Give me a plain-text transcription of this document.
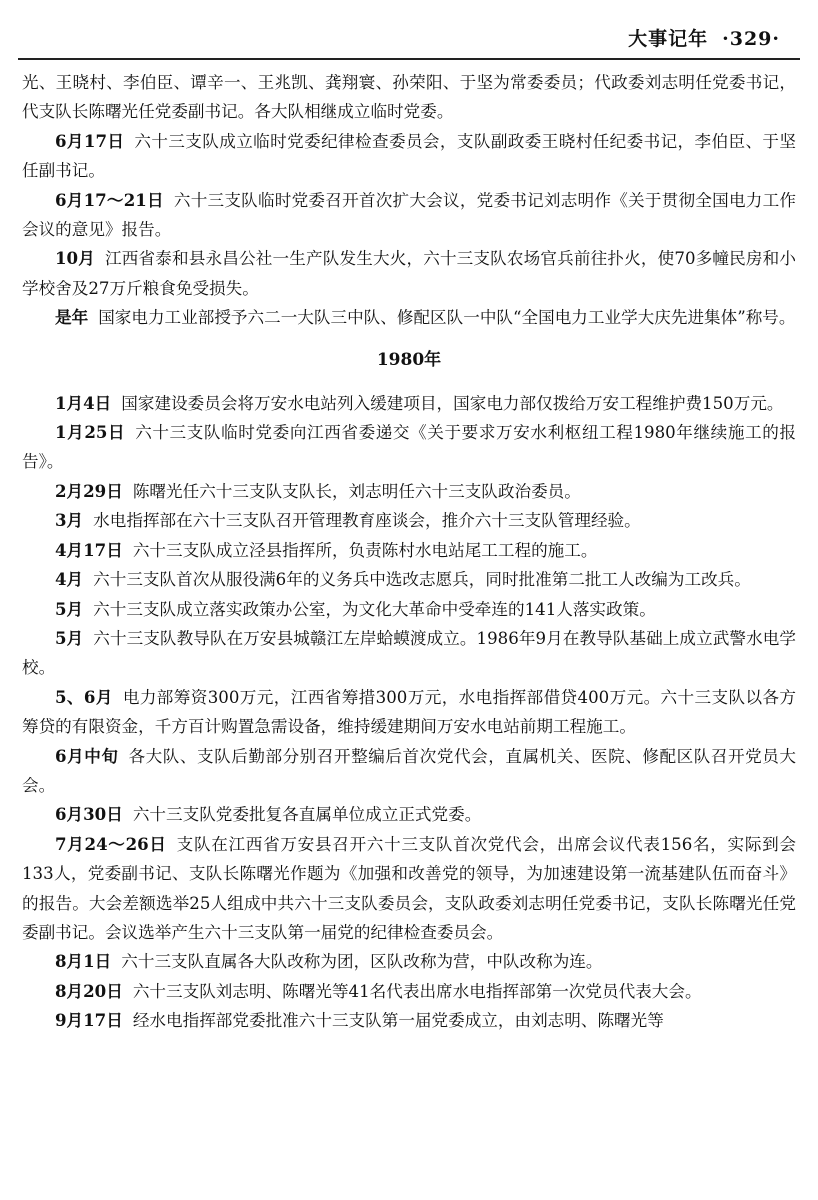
大事记年 ·329·

光、王晓村、李伯臣、谭辛一、王兆凯、龚翔寰、孙荣阳、于坚为常委委员；代政委刘志明任党委书记，代支队长陈曙光任党委副书记。各大队相继成立临时党委。

6月17日 六十三支队成立临时党委纪律检查委员会，支队副政委王晓村任纪委书记，李伯臣、于坚任副书记。

6月17～21日 六十三支队临时党委召开首次扩大会议，党委书记刘志明作《关于贯彻全国电力工作会议的意见》报告。

10月 江西省泰和县永昌公社一生产队发生大火，六十三支队农场官兵前往扑火，使70多幢民房和小学校舍及27万斤粮食免受损失。

是年 国家电力工业部授予六二一大队三中队、修配区队一中队“全国电力工业学大庆先进集体”称号。

1980年

1月4日 国家建设委员会将万安水电站列入缓建项目，国家电力部仅拨给万安工程维护费150万元。

1月25日 六十三支队临时党委向江西省委递交《关于要求万安水利枢纽工程1980年继续施工的报告》。

2月29日 陈曙光任六十三支队支队长，刘志明任六十三支队政治委员。

3月 水电指挥部在六十三支队召开管理教育座谈会，推介六十三支队管理经验。

4月17日 六十三支队成立泾县指挥所，负责陈村水电站尾工工程的施工。

4月 六十三支队首次从服役满6年的义务兵中选改志愿兵，同时批准第二批工人改编为工改兵。

5月 六十三支队成立落实政策办公室，为文化大革命中受牵连的141人落实政策。

5月 六十三支队教导队在万安县城赣江左岸蛤蟆渡成立。1986年9月在教导队基础上成立武警水电学校。

5、6月 电力部筹资300万元，江西省筹措300万元，水电指挥部借贷400万元。六十三支队以各方筹贷的有限资金，千方百计购置急需设备，维持缓建期间万安水电站前期工程施工。

6月中旬 各大队、支队后勤部分别召开整编后首次党代会，直属机关、医院、修配区队召开党员大会。

6月30日 六十三支队党委批复各直属单位成立正式党委。

7月24～26日 支队在江西省万安县召开六十三支队首次党代会，出席会议代表156名，实际到会133人，党委副书记、支队长陈曙光作题为《加强和改善党的领导，为加速建设第一流基建队伍而奋斗》的报告。大会差额选举25人组成中共六十三支队委员会，支队政委刘志明任党委书记，支队长陈曙光任党委副书记。会议选举产生六十三支队第一届党的纪律检查委员会。

8月1日 六十三支队直属各大队改称为团，区队改称为营，中队改称为连。

8月20日 六十三支队刘志明、陈曙光等41名代表出席水电指挥部第一次党员代表大会。

9月17日 经水电指挥部党委批准六十三支队第一届党委成立，由刘志明、陈曙光等
